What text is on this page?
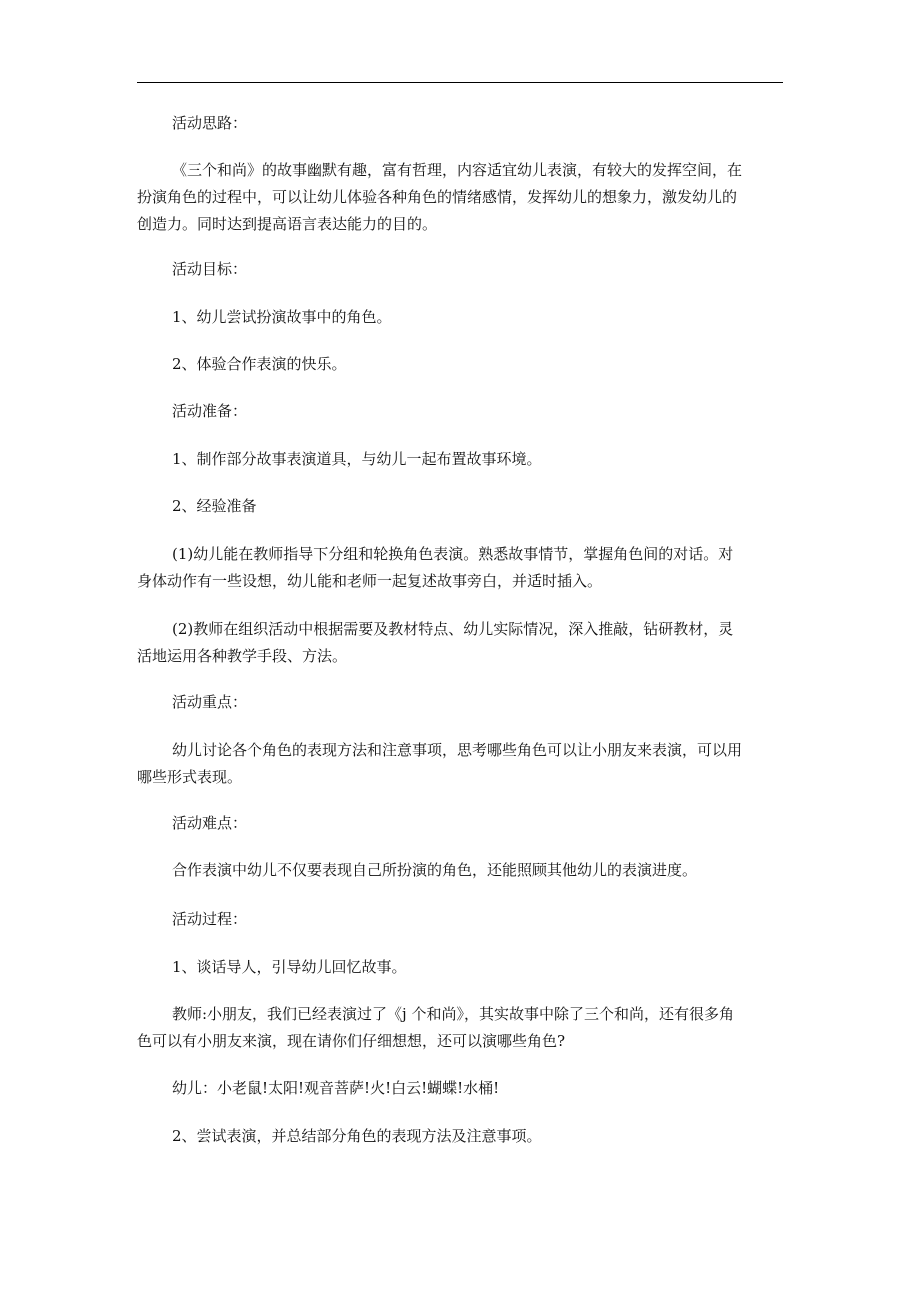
活动思路：

《三个和尚》的故事幽默有趣，富有哲理，内容适宜幼儿表演，有较大的发挥空间，在
扮演角色的过程中，可以让幼儿体验各种角色的情绪感情，发挥幼儿的想象力，激发幼儿的
创造力。同时达到提高语言表达能力的目的。

活动目标：

1、幼儿尝试扮演故事中的角色。

2、体验合作表演的快乐。

活动准备：

1、制作部分故事表演道具，与幼儿一起布置故事环境。

2、经验准备

(1)幼儿能在教师指导下分组和轮换角色表演。熟悉故事情节，掌握角色间的对话。对
身体动作有一些设想，幼儿能和老师一起复述故事旁白，并适时插入。
(2)教师在组织活动中根据需要及教材特点、幼儿实际情况，深入推敲，钻研教材，灵
活地运用各种教学手段、方法。

活动重点：

幼儿讨论各个角色的表现方法和注意事项，思考哪些角色可以让小朋友来表演，可以用
哪些形式表现。

活动难点：

合作表演中幼儿不仅要表现自己所扮演的角色，还能照顾其他幼儿的表演进度。

活动过程：

1、谈话导人，引导幼儿回忆故事。

教师:小朋友，我们已经表演过了《j 个和尚》，其实故事中除了三个和尚，还有很多角
色可以有小朋友来演，现在请你们仔细想想，还可以演哪些角色?

幼儿：小老鼠!太阳!观音菩萨!火!白云!蝴蝶!水桶!

2、尝试表演，并总结部分角色的表现方法及注意事项。
